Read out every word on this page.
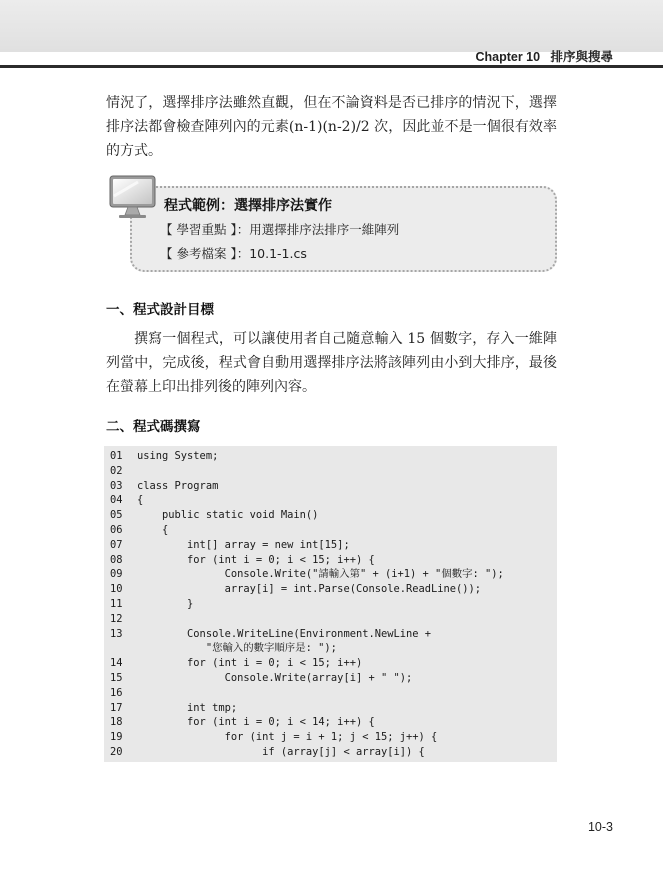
Chapter 10 排序與搜尋

情況了，選擇排序法雖然直觀，但在不論資料是否已排序的情況下，選擇排序法都會檢查陣列內的元素(n-1)(n-2)/2 次，因此並不是一個很有效率的方式。

程式範例：選擇排序法實作
【 學習重點 】：用選擇排序法排序一維陣列
【 參考檔案 】：10.1-1.cs
一、程式設計目標

撰寫一個程式，可以讓使用者自己隨意輸入 15 個數字，存入一維陣列當中，完成後，程式會自動用選擇排序法將該陣列由小到大排序，最後在螢幕上印出排列後的陣列內容。

二、程式碼撰寫
01 using System;
02
03 class Program
04 {
05    public static void Main()
06    {
07        int[] array = new int[15];
08        for (int i = 0; i < 15; i++) {
09              Console.Write("請輸入第" + (i+1) + "個數字: ");
10              array[i] = int.Parse(Console.ReadLine());
11        }
12
13        Console.WriteLine(Environment.NewLine +
"您輸入的數字順序是: ");
14        for (int i = 0; i < 15; i++)
15              Console.Write(array[i] + " ");
16
17        int tmp;
18        for (int i = 0; i < 14; i++) {
19              for (int j = i + 1; j < 15; j++) {
20                    if (array[j] < array[i]) {
10-3
